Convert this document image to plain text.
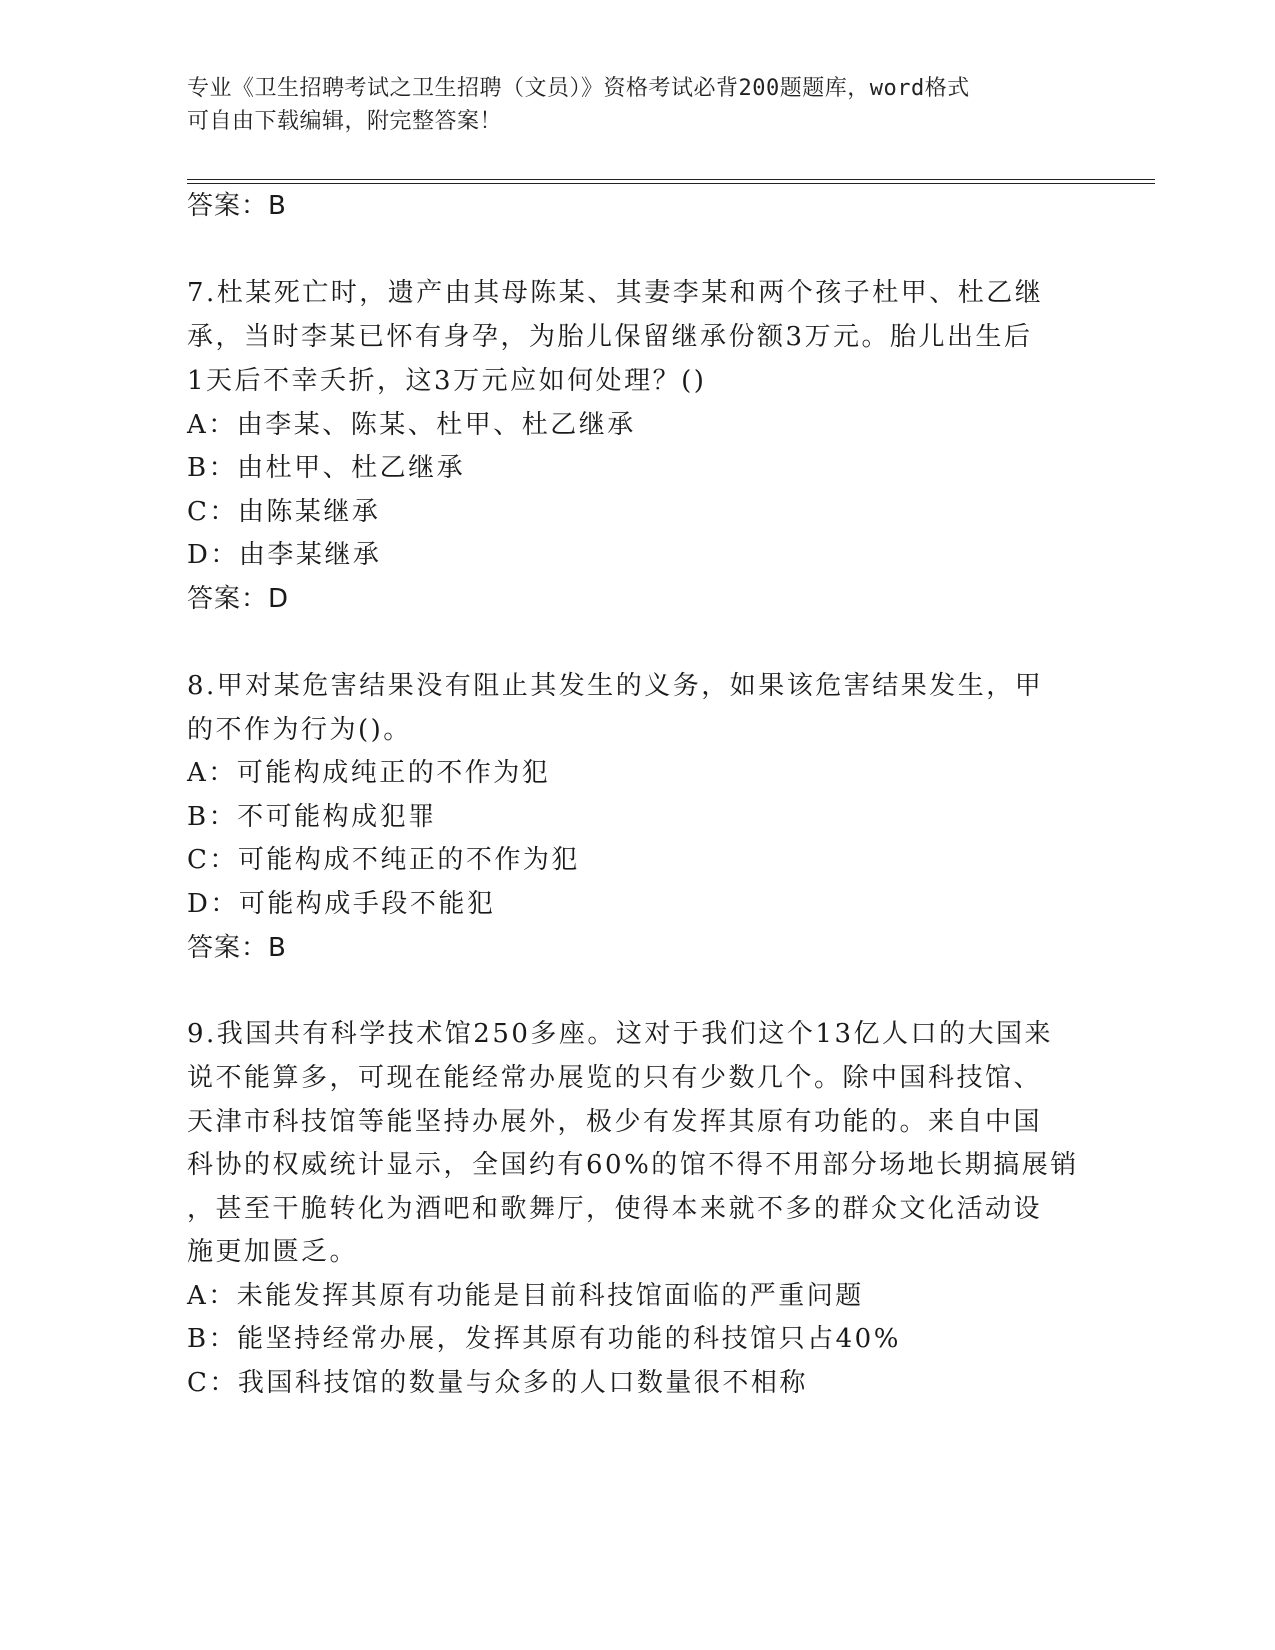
专业《卫生招聘考试之卫生招聘（文员）》资格考试必背200题题库，word格式
可自由下载编辑，附完整答案！
答案：B
7.杜某死亡时，遗产由其母陈某、其妻李某和两个孩子杜甲、杜乙继
承，当时李某已怀有身孕，为胎儿保留继承份额3万元。胎儿出生后
1天后不幸夭折，这3万元应如何处理？()
A：由李某、陈某、杜甲、杜乙继承
B：由杜甲、杜乙继承
C：由陈某继承
D：由李某继承
答案：D
8.甲对某危害结果没有阻止其发生的义务，如果该危害结果发生，甲
的不作为行为()。
A：可能构成纯正的不作为犯
B：不可能构成犯罪
C：可能构成不纯正的不作为犯
D：可能构成手段不能犯
答案：B
9.我国共有科学技术馆250多座。这对于我们这个13亿人口的大国来
说不能算多，可现在能经常办展览的只有少数几个。除中国科技馆、
天津市科技馆等能坚持办展外，极少有发挥其原有功能的。来自中国
科协的权威统计显示，全国约有60%的馆不得不用部分场地长期搞展销
，甚至干脆转化为酒吧和歌舞厅，使得本来就不多的群众文化活动设
施更加匮乏。
A：未能发挥其原有功能是目前科技馆面临的严重问题
B：能坚持经常办展，发挥其原有功能的科技馆只占40%
C：我国科技馆的数量与众多的人口数量很不相称
